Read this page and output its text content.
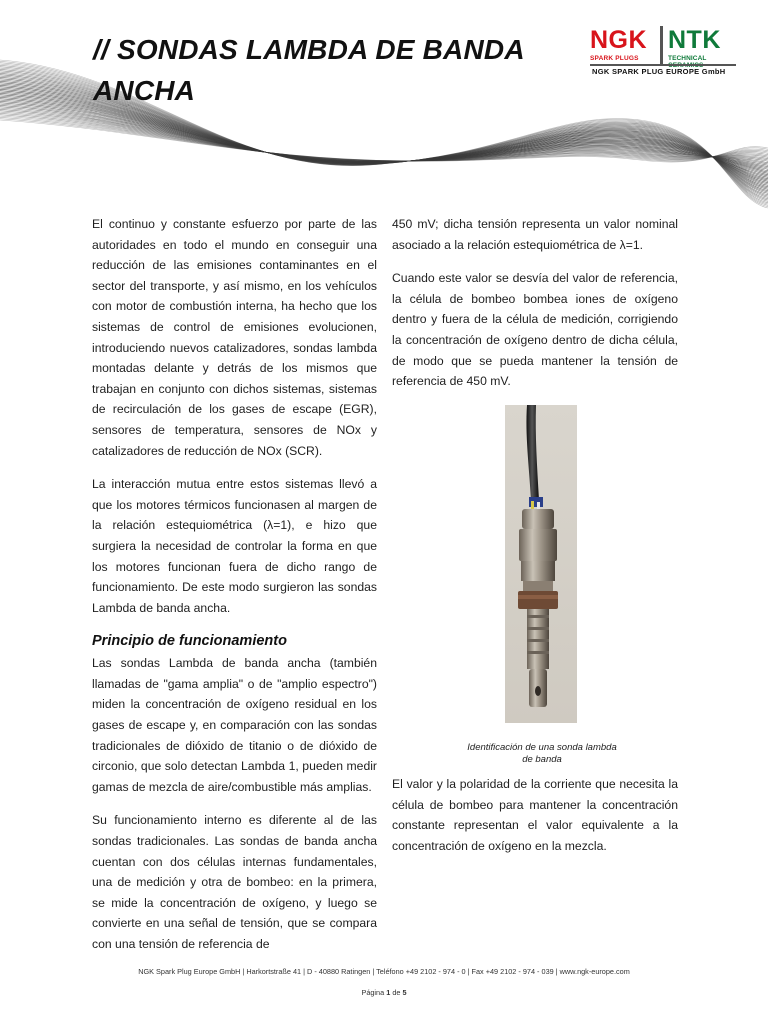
// SONDAS LAMBDA DE BANDA ANCHA
NGK NTK
SPARK PLUGS	TECHNICAL
NGK SPARK PLUG EUROPE GmbH

El continuo y constante esfuerzo por parte de las autoridades en todo el mundo en conseguir una reducción de las emisiones contaminantes en el sector del transporte, y así mismo, en los vehículos con motor de combustión interna, ha hecho que los sistemas de control de emisiones evolucionen, introduciendo nuevos catalizadores, sondas lambda montadas delante y detrás de los mismos que trabajan en conjunto con dichos sistemas, sistemas de recirculación de los gases de escape (EGR), sensores de temperatura, sensores de NOx y catalizadores de reducción de NOx (SCR).

La interacción mutua entre estos sistemas llevó a que los motores térmicos funcionasen al margen de la relación estequiométrica (λ=1), e hizo que surgiera la necesidad de controlar la forma en que los motores funcionan fuera de dicho rango de funcionamiento. De este modo surgieron las sondas Lambda de banda ancha.

Principio de funcionamiento

Las sondas Lambda de banda ancha (también llamadas de "gama amplia" o de "amplio espectro") miden la concentración de oxígeno residual en los gases de escape y, en comparación con las sondas tradicionales de dióxido de titanio o de dióxido de circonio, que solo detectan Lambda 1, pueden medir gamas de mezcla de aire/combustible más amplias.

Su funcionamiento interno es diferente al de las sondas tradicionales. Las sondas de banda ancha cuentan con dos células internas fundamentales, una de medición y otra de bombeo: en la primera, se mide la concentración de oxígeno, y luego se convierte en una señal de tensión, que se compara con una tensión de referencia de

450 mV; dicha tensión representa un valor nominal asociado a la relación estequiométrica de λ=1.

Cuando este valor se desvía del valor de referencia, la célula de bombeo bombea iones de oxígeno dentro y fuera de la célula de medición, corrigiendo la concentración de oxígeno dentro de dicha célula, de modo que se pueda mantener la tensión de referencia de 450 mV.

Identificación de una sonda lambda de banda

El valor y la polaridad de la corriente que necesita la célula de bombeo para mantener la concentración constante representan el valor equivalente a la concentración de oxígeno en la mezcla.

NGK Spark Plug Europe GmbH | Harkortstraße 41 | D - 40880 Ratingen | Teléfono +49 2102 - 974 - 0 | Fax +49 2102 - 974 - 039 | www.ngk-europe.com
Página 1 de 5
